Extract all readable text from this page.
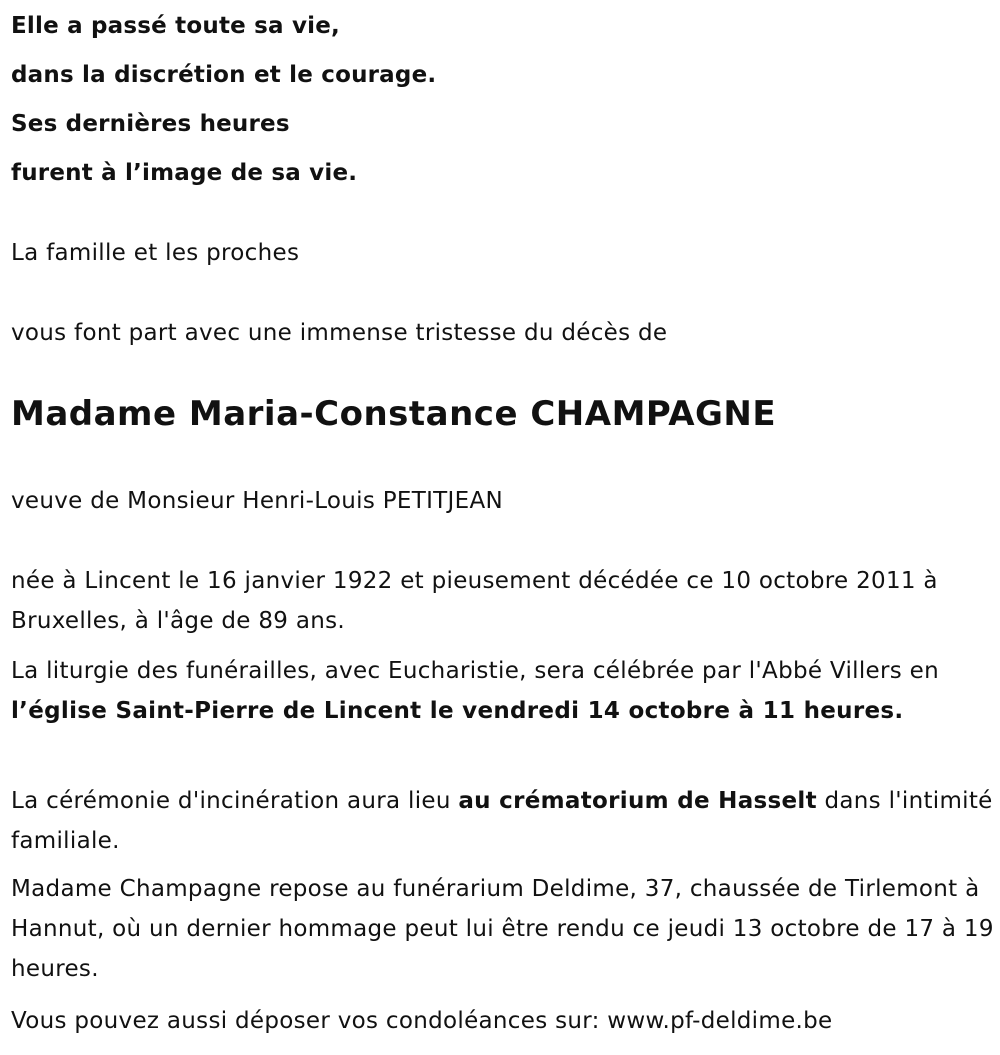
Elle a passé toute sa vie,
dans la discrétion et le courage.
Ses dernières heures
furent à l’image de sa vie.
La famille et les proches
vous font part avec une immense tristesse du décès de
Madame Maria-Constance CHAMPAGNE
veuve de Monsieur Henri-Louis PETITJEAN
née à Lincent le 16 janvier 1922 et pieusement décédée ce 10 octobre 2011 à Bruxelles, à l'âge de 89 ans.
La liturgie des funérailles, avec Eucharistie, sera célébrée par l'Abbé Villers en l’église Saint-Pierre de Lincent le vendredi 14 octobre à 11 heures.
La cérémonie d'incinération aura lieu au crématorium de Hasselt dans l'intimité familiale.
Madame Champagne repose au funérarium Deldime, 37, chaussée de Tirlemont à Hannut, où un dernier hommage peut lui être rendu ce jeudi 13 octobre de 17 à 19 heures.
Vous pouvez aussi déposer vos condoléances sur: www.pf-deldime.be
